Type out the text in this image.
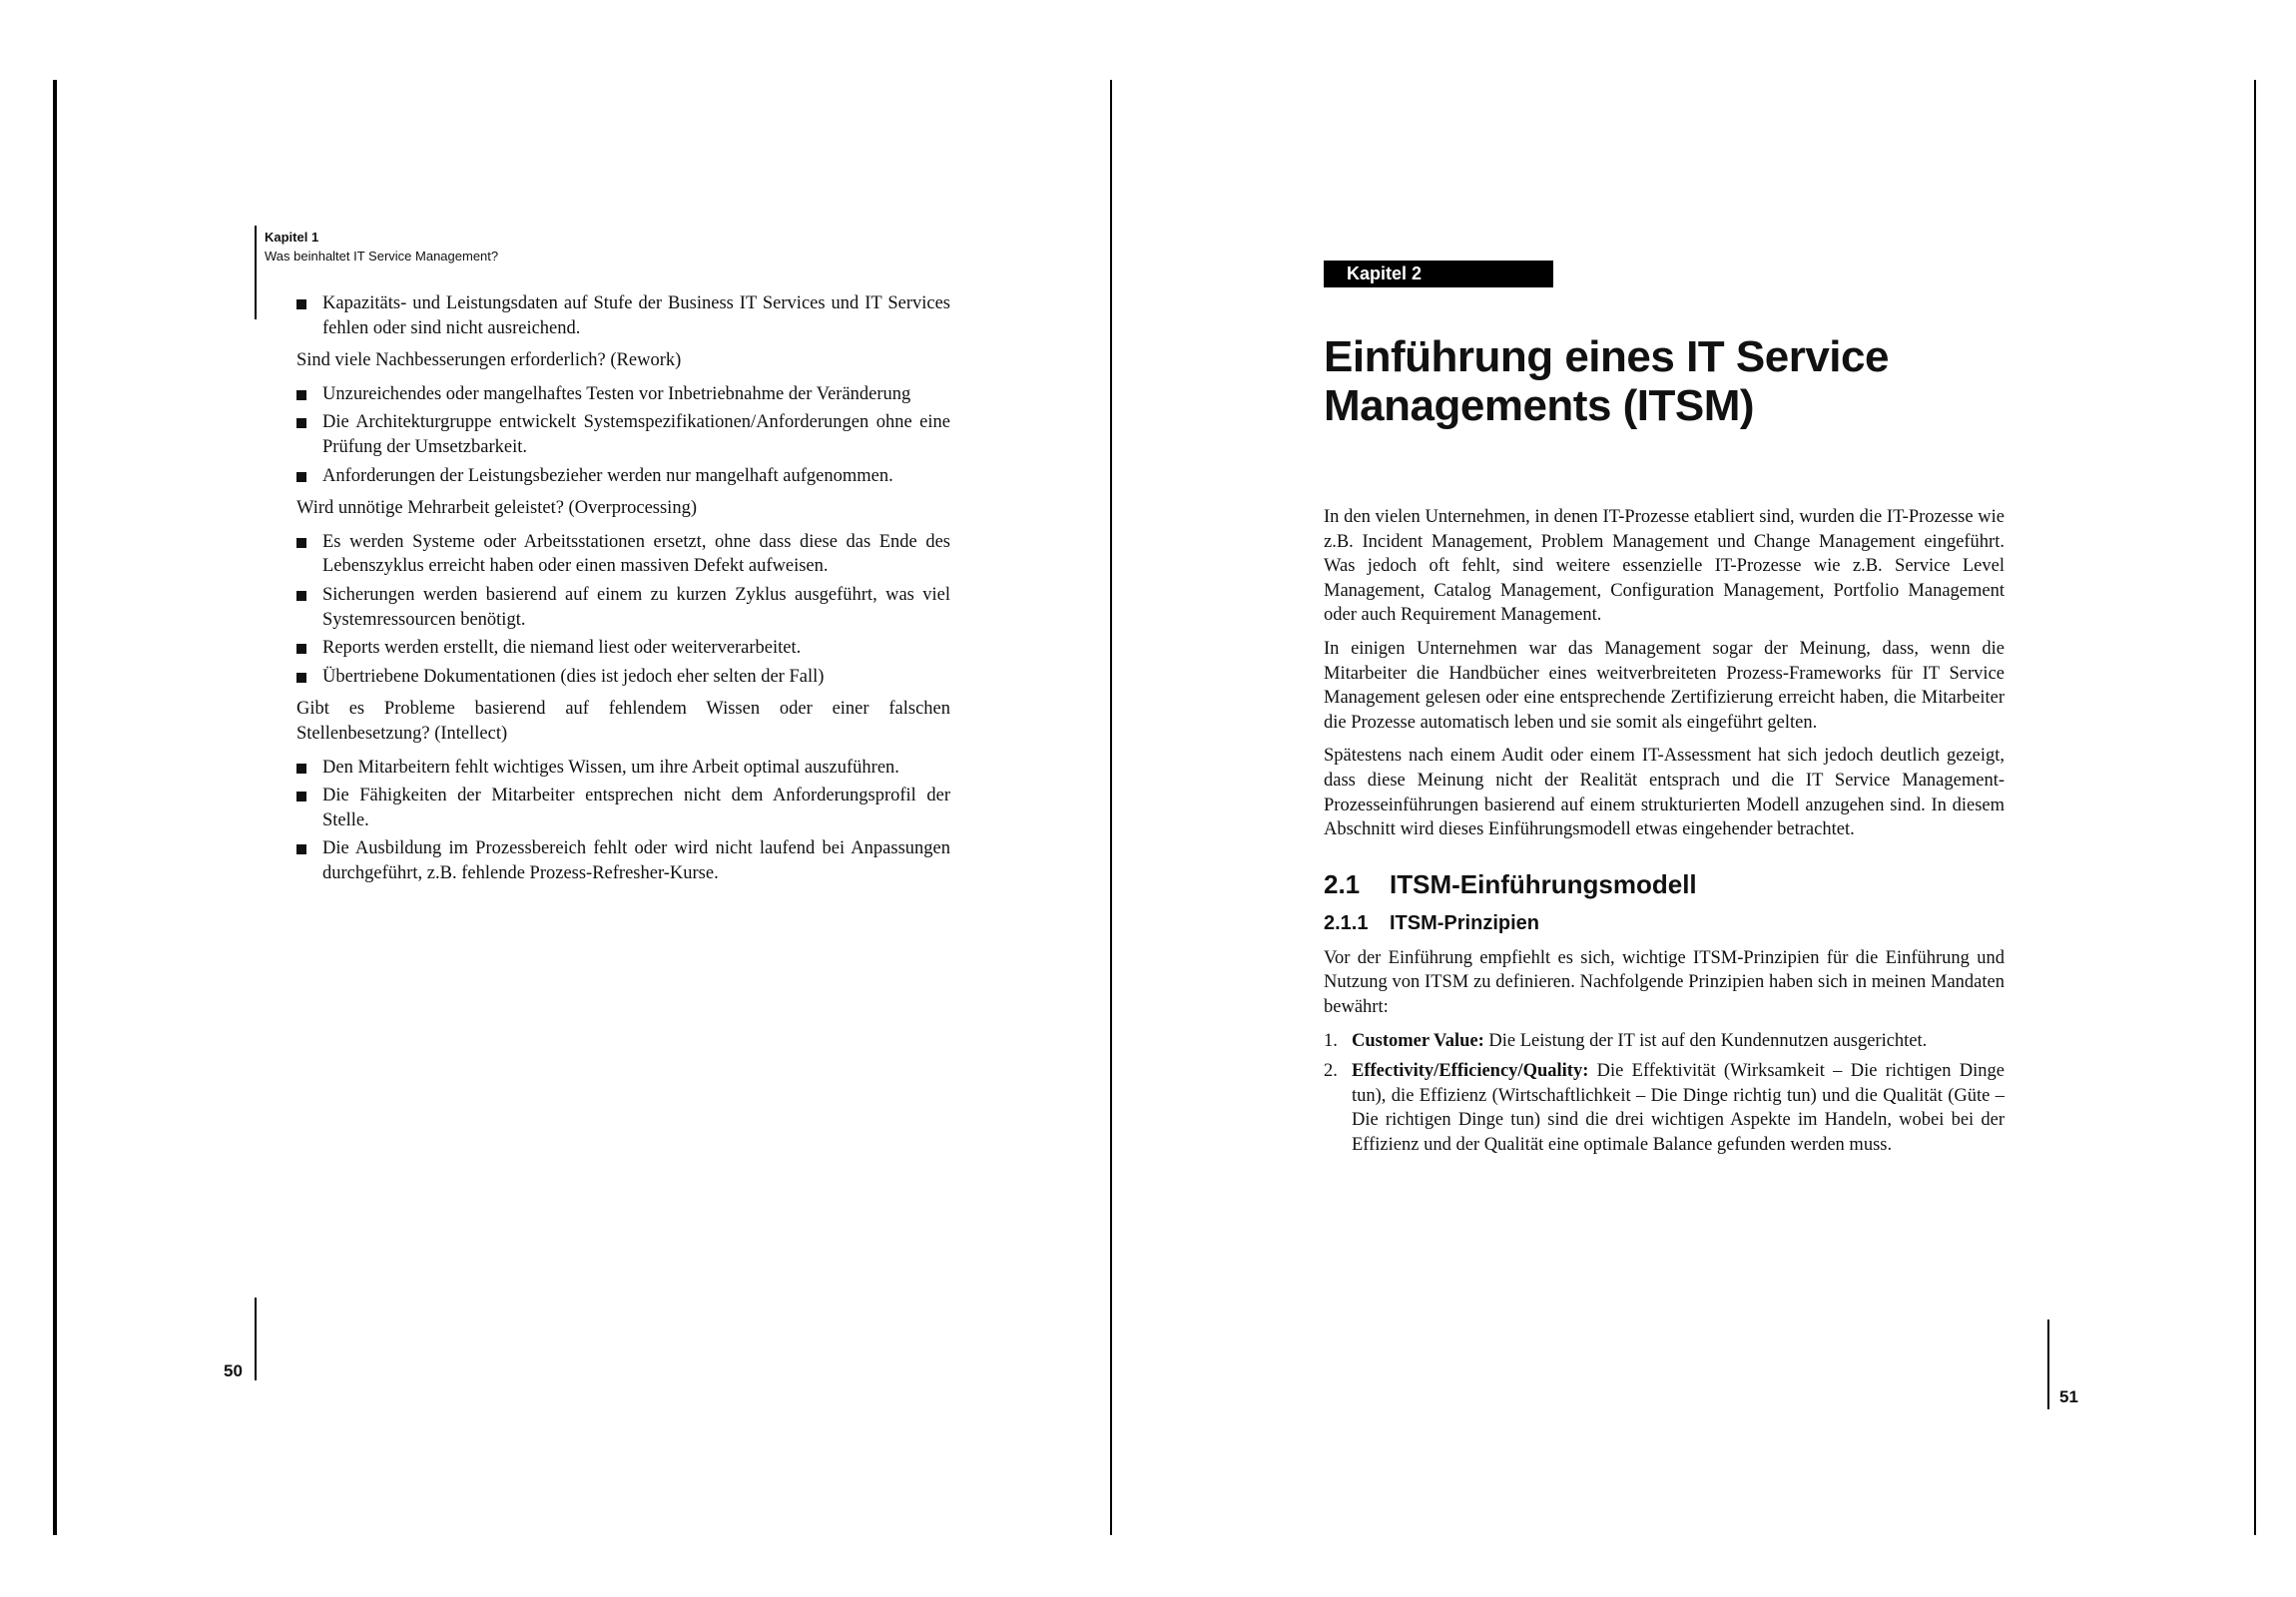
Kapitel 1
Was beinhaltet IT Service Management?
Kapazitäts- und Leistungsdaten auf Stufe der Business IT Services und IT Services fehlen oder sind nicht ausreichend.

Sind viele Nachbesserungen erforderlich? (Rework)

Unzureichendes oder mangelhaftes Testen vor Inbetriebnahme der Veränderung
Die Architekturgruppe entwickelt Systemspezifikationen/Anforderungen ohne eine Prüfung der Umsetzbarkeit.
Anforderungen der Leistungsbezieher werden nur mangelhaft aufgenommen.

Wird unnötige Mehrarbeit geleistet? (Overprocessing)

Es werden Systeme oder Arbeitsstationen ersetzt, ohne dass diese das Ende des Lebenszyklus erreicht haben oder einen massiven Defekt aufweisen.
Sicherungen werden basierend auf einem zu kurzen Zyklus ausgeführt, was viel Systemressourcen benötigt.
Reports werden erstellt, die niemand liest oder weiterverarbeitet.
Übertriebene Dokumentationen (dies ist jedoch eher selten der Fall)

Gibt es Probleme basierend auf fehlendem Wissen oder einer falschen Stellenbesetzung? (Intellect)

Den Mitarbeitern fehlt wichtiges Wissen, um ihre Arbeit optimal auszuführen.
Die Fähigkeiten der Mitarbeiter entsprechen nicht dem Anforderungsprofil der Stelle.
Die Ausbildung im Prozessbereich fehlt oder wird nicht laufend bei Anpassungen durchgeführt, z.B. fehlende Prozess-Refresher-Kurse.
50
Kapitel 2
Einführung eines IT Service
Managements (ITSM)

In den vielen Unternehmen, in denen IT-Prozesse etabliert sind, wurden die IT-Prozesse wie z.B. Incident Management, Problem Management und Change Management eingeführt. Was jedoch oft fehlt, sind weitere essenzielle IT-Prozesse wie z.B. Service Level Management, Catalog Management, Configuration Management, Portfolio Management oder auch Requirement Management.

In einigen Unternehmen war das Management sogar der Meinung, dass, wenn die Mitarbeiter die Handbücher eines weitverbreiteten Prozess-Frameworks für IT Service Management gelesen oder eine entsprechende Zertifizierung erreicht haben, die Mitarbeiter die Prozesse automatisch leben und sie somit als eingeführt gelten.

Spätestens nach einem Audit oder einem IT-Assessment hat sich jedoch deutlich gezeigt, dass diese Meinung nicht der Realität entsprach und die IT Service Management-Prozesseinführungen basierend auf einem strukturierten Modell anzugehen sind. In diesem Abschnitt wird dieses Einführungsmodell etwas eingehender betrachtet.

2.1 ITSM-Einführungsmodell
2.1.1 ITSM-Prinzipien

Vor der Einführung empfiehlt es sich, wichtige ITSM-Prinzipien für die Einführung und Nutzung von ITSM zu definieren. Nachfolgende Prinzipien haben sich in meinen Mandaten bewährt:

1. Customer Value: Die Leistung der IT ist auf den Kundennutzen ausgerichtet.
2. Effectivity/Efficiency/Quality: Die Effektivität (Wirksamkeit – Die richtigen Dinge tun), die Effizienz (Wirtschaftlichkeit – Die Dinge richtig tun) und die Qualität (Güte – Die richtigen Dinge tun) sind die drei wichtigen Aspekte im Handeln, wobei bei der Effizienz und der Qualität eine optimale Balance gefunden werden muss.
51
